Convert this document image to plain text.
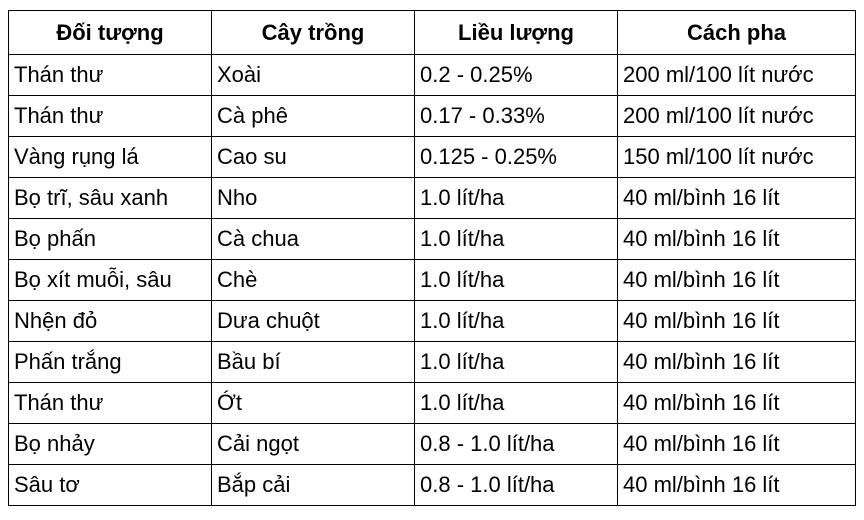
Đối tượng	Cây trồng	Liều lượng	Cách pha
Thán thư	Xoài	0.2 - 0.25%	200 ml/100 lít nước
Thán thư	Cà phê	0.17 - 0.33%	200 ml/100 lít nước
Vàng rụng lá	Cao su	0.125 - 0.25%	150 ml/100 lít nước
Bọ trĩ, sâu xanh	Nho	1.0 lít/ha	40 ml/bình 16 lít
Bọ phấn	Cà chua	1.0 lít/ha	40 ml/bình 16 lít
Bọ xít muỗi, sâu	Chè	1.0 lít/ha	40 ml/bình 16 lít
Nhện đỏ	Dưa chuột	1.0 lít/ha	40 ml/bình 16 lít
Phấn trắng	Bầu bí	1.0 lít/ha	40 ml/bình 16 lít
Thán thư	Ớt	1.0 lít/ha	40 ml/bình 16 lít
Bọ nhảy	Cải ngọt	0.8 - 1.0 lít/ha	40 ml/bình 16 lít
Sâu tơ	Bắp cải	0.8 - 1.0 lít/ha	40 ml/bình 16 lít
